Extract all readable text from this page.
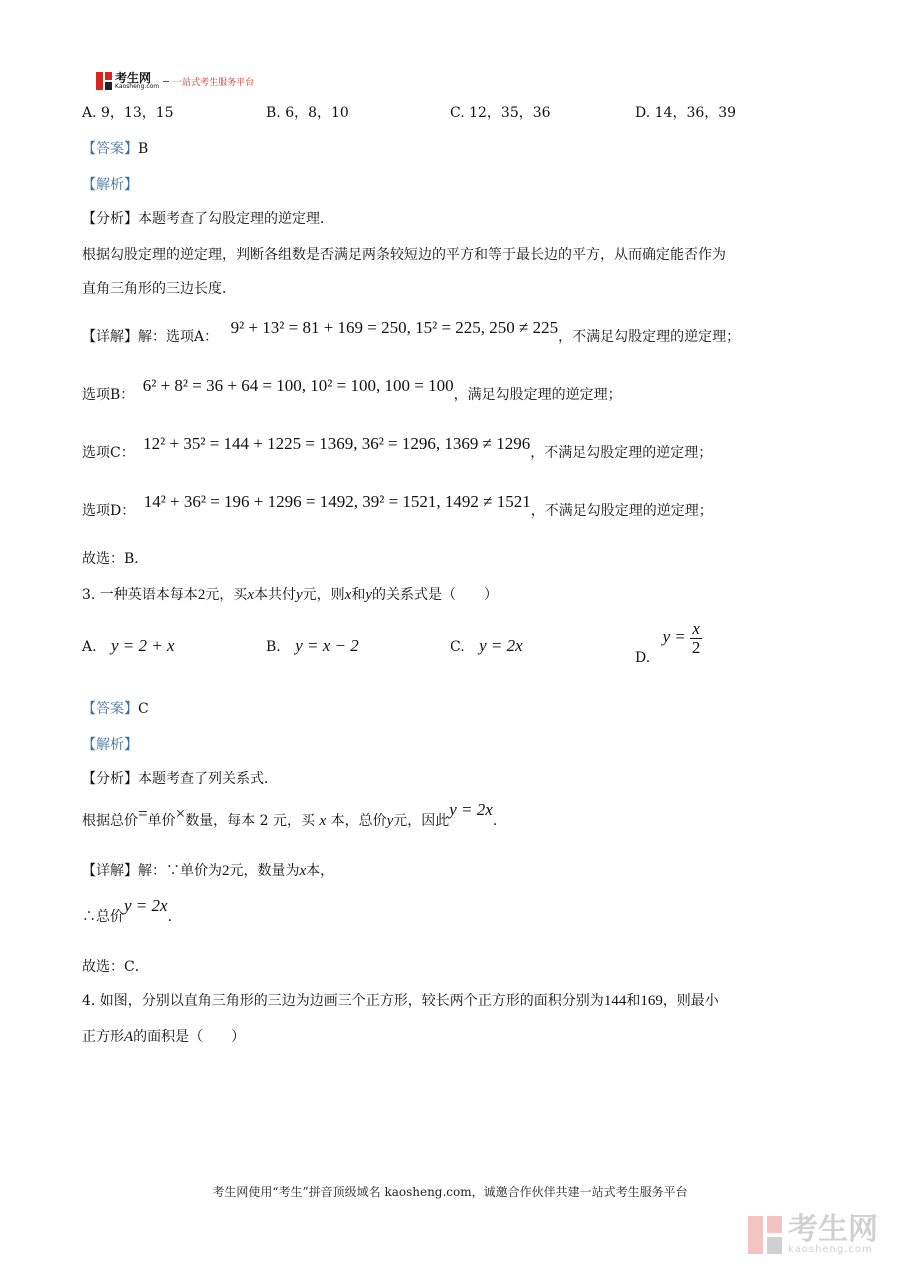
考生网
Kaosheng.com 一站式考生服务平台
A. 9，13，15	B. 6，8，10	C. 12，35，36	D. 14，36，39
【答案】B
【解析】
【分析】本题考查了勾股定理的逆定理．
根据勾股定理的逆定理，判断各组数是否满足两条较短边的平方和等于最长边的平方，从而确定能否作为
直角三角形的三边长度．
【详解】解：选项A： 9² + 13² = 81 + 169 = 250, 15² = 225, 250 ≠ 225，不满足勾股定理的逆定理；
选项B： 6² + 8² = 36 + 64 = 100, 10² = 100, 100 = 100，满足勾股定理的逆定理；
选项C： 12² + 35² = 144 + 1225 = 1369, 36² = 1296, 1369 ≠ 1296，不满足勾股定理的逆定理；
选项D： 14² + 36² = 196 + 1296 = 1492, 39² = 1521, 1492 ≠ 1521，不满足勾股定理的逆定理；
故选：B．
3. 一种英语本每本2元，买x本共付y元，则x和y的关系式是（　　）
A. y = 2 + x	B. y = x − 2	C. y = 2x
D. $y = \frac{x}{2}$
【答案】C
【解析】
【分析】本题考查了列关系式．
根据总价=单价×数量，每本 2 元，买 x 本，总价y元，因此y = 2x．
【详解】解：∵单价为2元，数量为x本，
∴总价y = 2x．
故选：C．
4. 如图，分别以直角三角形的三边为边画三个正方形，较长两个正方形的面积分别为144和169，则最小
正方形A的面积是（　　）
考生网使用“考生”拼音顶级域名 kaosheng.com，诚邀合作伙伴共建一站式考生服务平台
考生网
kaosheng.com
